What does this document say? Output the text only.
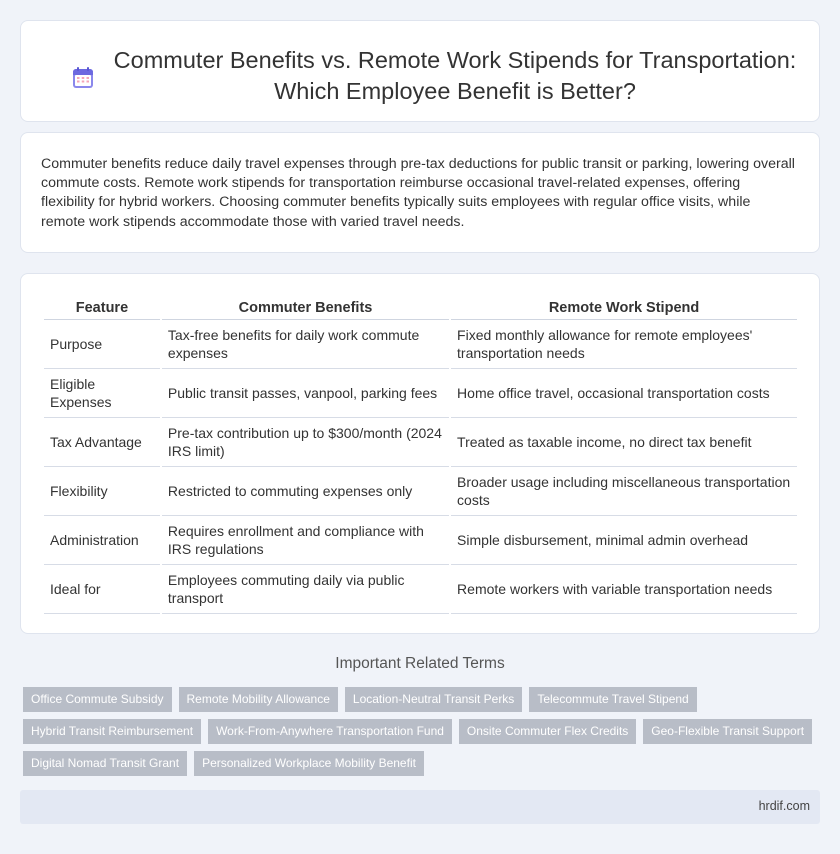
Commuter Benefits vs. Remote Work Stipends for Transportation: Which Employee Benefit is Better?

Commuter benefits reduce daily travel expenses through pre-tax deductions for public transit or parking, lowering overall commute costs. Remote work stipends for transportation reimburse occasional travel-related expenses, offering flexibility for hybrid workers. Choosing commuter benefits typically suits employees with regular office visits, while remote work stipends accommodate those with varied travel needs.

Feature	Commuter Benefits	Remote Work Stipend
Purpose	Tax-free benefits for daily work commute expenses	Fixed monthly allowance for remote employees' transportation needs
Eligible Expenses	Public transit passes, vanpool, parking fees	Home office travel, occasional transportation costs
Tax Advantage	Pre-tax contribution up to $300/month (2024 IRS limit)	Treated as taxable income, no direct tax benefit
Flexibility	Restricted to commuting expenses only	Broader usage including miscellaneous transportation costs
Administration	Requires enrollment and compliance with IRS regulations	Simple disbursement, minimal admin overhead
Ideal for	Employees commuting daily via public transport	Remote workers with variable transportation needs
Important Related Terms
Office Commute Subsidy	Remote Mobility Allowance	Location-Neutral Transit Perks	Telecommute Travel Stipend
Hybrid Transit Reimbursement	Work-From-Anywhere Transportation Fund	Onsite Commuter Flex Credits	Geo-Flexible Transit Support
Digital Nomad Transit Grant	Personalized Workplace Mobility Benefit
hrdif.com
